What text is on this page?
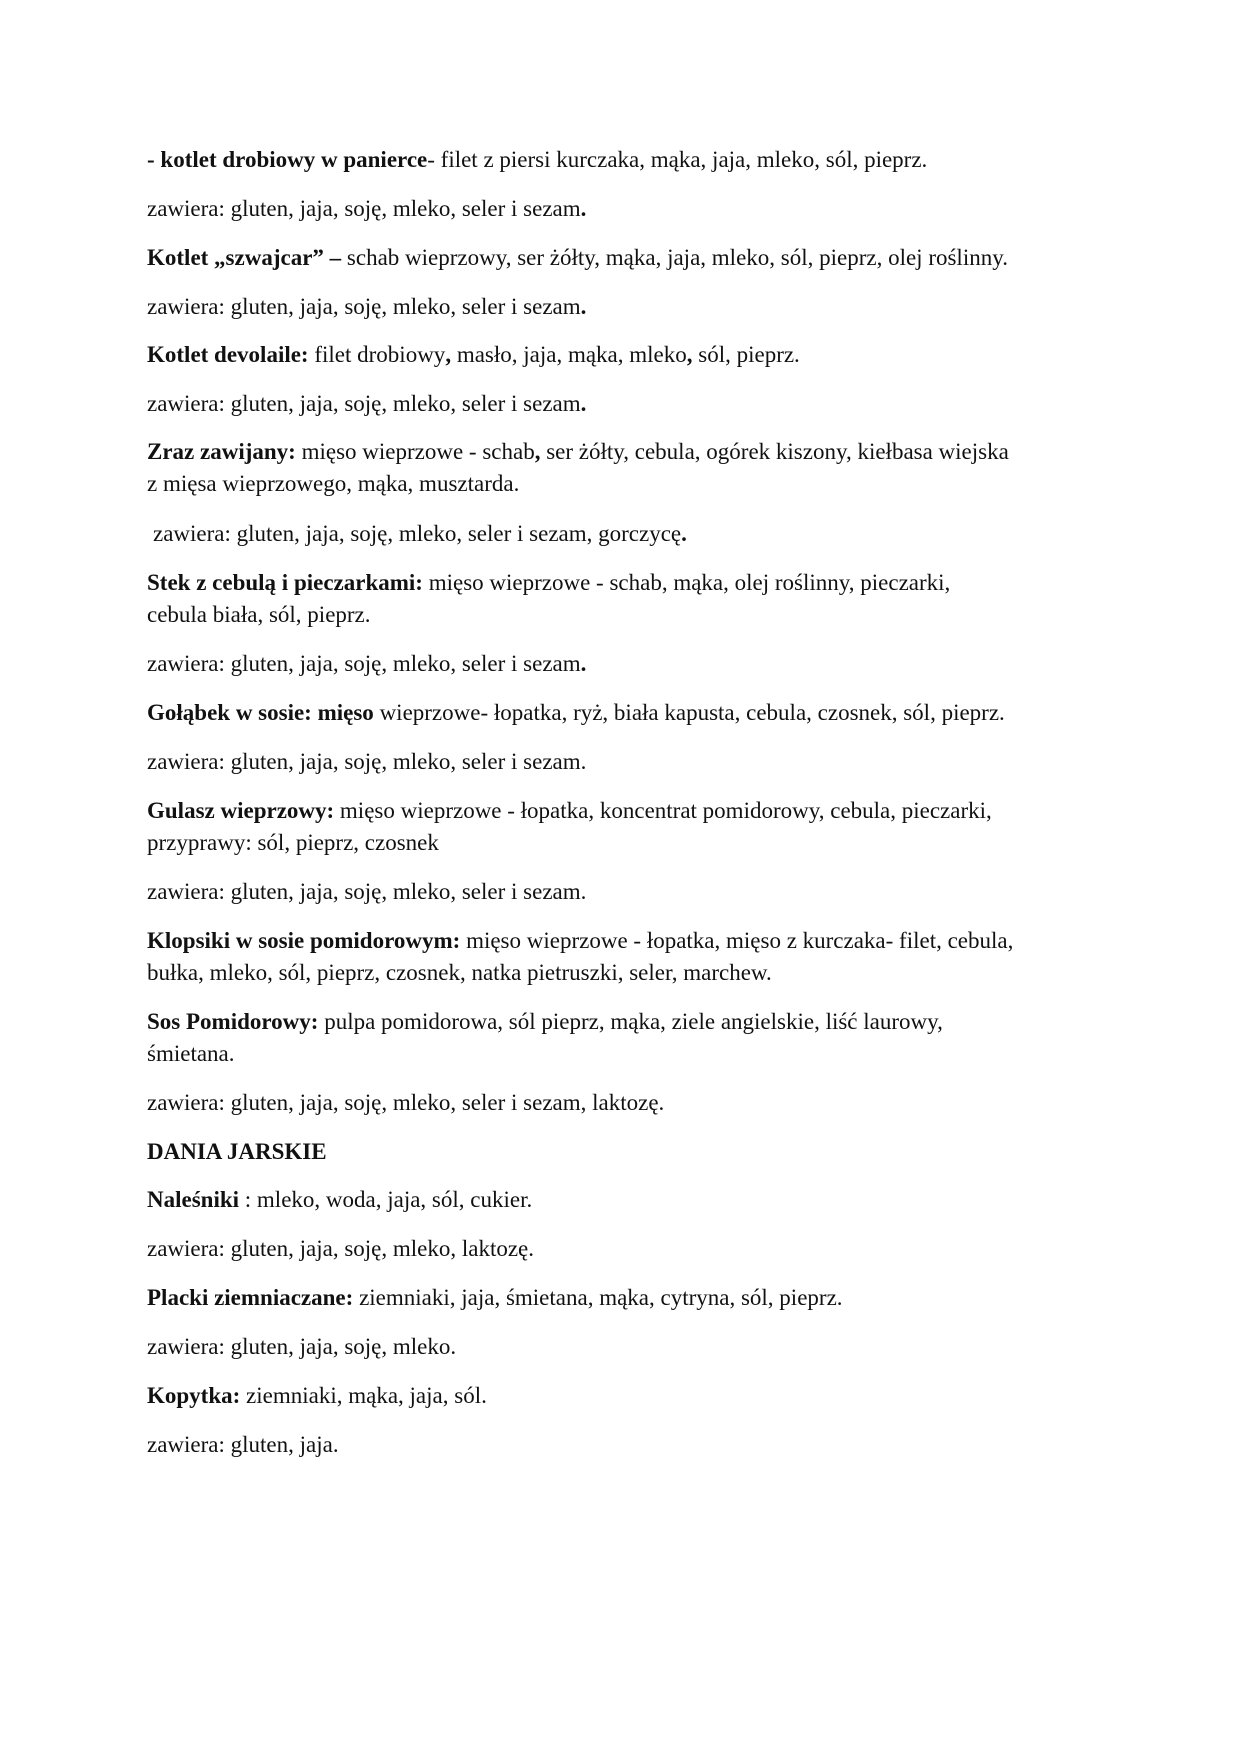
- kotlet drobiowy w panierce- filet z piersi kurczaka, mąka, jaja, mleko, sól, pieprz.
zawiera: gluten, jaja, soję, mleko, seler i sezam.
Kotlet „szwajcar” – schab wieprzowy, ser żółty, mąka, jaja, mleko, sól, pieprz, olej roślinny.
zawiera: gluten, jaja, soję, mleko, seler i sezam.
Kotlet devolaile: filet drobiowy, masło, jaja, mąka, mleko, sól, pieprz.
zawiera: gluten, jaja, soję, mleko, seler i sezam.
Zraz zawijany: mięso wieprzowe - schab, ser żółty, cebula, ogórek kiszony, kiełbasa wiejska
z mięsa wieprzowego, mąka, musztarda.
zawiera: gluten, jaja, soję, mleko, seler i sezam, gorczycę.
Stek z cebulą i pieczarkami: mięso wieprzowe - schab, mąka, olej roślinny, pieczarki,
cebula biała, sól, pieprz.
zawiera: gluten, jaja, soję, mleko, seler i sezam.
Gołąbek w sosie: mięso wieprzowe- łopatka, ryż, biała kapusta, cebula, czosnek, sól, pieprz.
zawiera: gluten, jaja, soję, mleko, seler i sezam.
Gulasz wieprzowy: mięso wieprzowe - łopatka, koncentrat pomidorowy, cebula, pieczarki,
przyprawy: sól, pieprz, czosnek
zawiera: gluten, jaja, soję, mleko, seler i sezam.
Klopsiki w sosie pomidorowym: mięso wieprzowe - łopatka, mięso z kurczaka- filet, cebula,
bułka, mleko, sól, pieprz, czosnek, natka pietruszki, seler, marchew.
Sos Pomidorowy: pulpa pomidorowa, sól pieprz, mąka, ziele angielskie, liść laurowy,
śmietana.
zawiera: gluten, jaja, soję, mleko, seler i sezam, laktozę.
DANIA JARSKIE
Naleśniki : mleko, woda, jaja, sól, cukier.
zawiera: gluten, jaja, soję, mleko, laktozę.
Placki ziemniaczane: ziemniaki, jaja, śmietana, mąka, cytryna, sól, pieprz.
zawiera: gluten, jaja, soję, mleko.
Kopytka: ziemniaki, mąka, jaja, sól.
zawiera: gluten, jaja.
